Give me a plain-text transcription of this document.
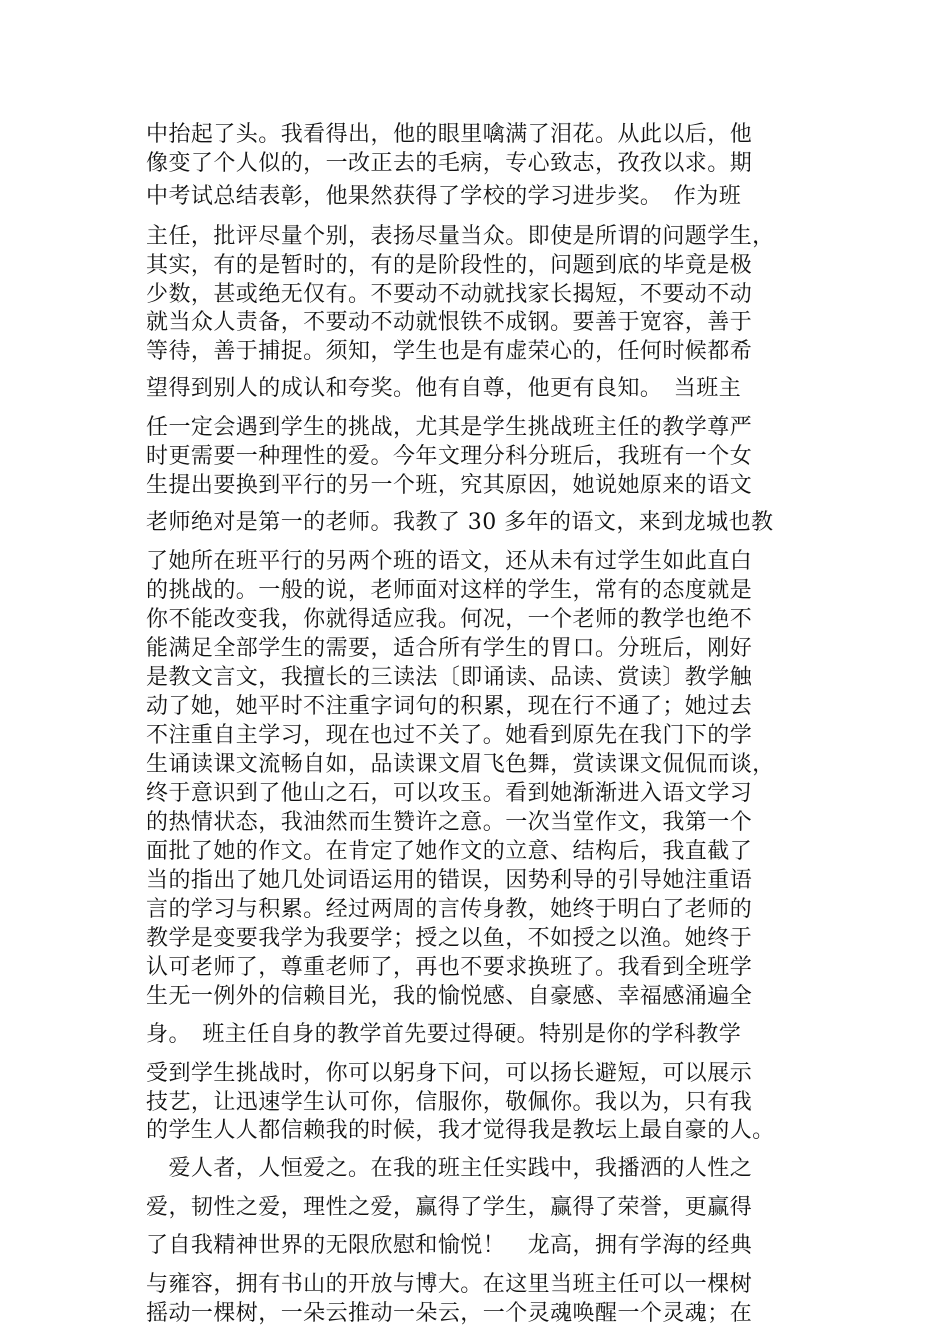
中抬起了头。我看得出，他的眼里噙满了泪花。从此以后，他
像变了个人似的，一改正去的毛病，专心致志，孜孜以求。期
中考试总结表彰，他果然获得了学校的学习进步奖。　作为班
主任，批评尽量个别，表扬尽量当众。即使是所谓的问题学生，
其实，有的是暂时的，有的是阶段性的，问题到底的毕竟是极
少数，甚或绝无仅有。不要动不动就找家长揭短，不要动不动
就当众人责备，不要动不动就恨铁不成钢。要善于宽容，善于
等待，善于捕捉。须知，学生也是有虚荣心的，任何时候都希
望得到别人的成认和夸奖。他有自尊，他更有良知。　当班主
任一定会遇到学生的挑战，尤其是学生挑战班主任的教学尊严
时更需要一种理性的爱。今年文理分科分班后，我班有一个女
生提出要换到平行的另一个班，究其原因，她说她原来的语文
老师绝对是第一的老师。我教了 30 多年的语文，来到龙城也教
了她所在班平行的另两个班的语文，还从未有过学生如此直白
的挑战的。一般的说，老师面对这样的学生，常有的态度就是
你不能改变我，你就得适应我。何况，一个老师的教学也绝不
能满足全部学生的需要，适合所有学生的胃口。分班后，刚好
是教文言文，我擅长的三读法〔即诵读、品读、赏读〕教学触
动了她，她平时不注重字词句的积累，现在行不通了；她过去
不注重自主学习，现在也过不关了。她看到原先在我门下的学
生诵读课文流畅自如，品读课文眉飞色舞，赏读课文侃侃而谈，
终于意识到了他山之石，可以攻玉。看到她渐渐进入语文学习
的热情状态，我油然而生赞许之意。一次当堂作文，我第一个
面批了她的作文。在肯定了她作文的立意、结构后，我直截了
当的指出了她几处词语运用的错误，因势利导的引导她注重语
言的学习与积累。经过两周的言传身教，她终于明白了老师的
教学是变要我学为我要学；授之以鱼，不如授之以渔。她终于
认可老师了，尊重老师了，再也不要求换班了。我看到全班学
生无一例外的信赖目光，我的愉悦感、自豪感、幸福感涌遍全
身。　班主任自身的教学首先要过得硬。特别是你的学科教学
受到学生挑战时，你可以躬身下问，可以扬长避短，可以展示
技艺，让迅速学生认可你，信服你，敬佩你。我以为，只有我
的学生人人都信赖我的时候，我才觉得我是教坛上最自豪的人。
　爱人者，人恒爱之。在我的班主任实践中，我播洒的人性之
爱，韧性之爱，理性之爱，赢得了学生，赢得了荣誉，更赢得
了自我精神世界的无限欣慰和愉悦！　龙高，拥有学海的经典
与雍容，拥有书山的开放与博大。在这里当班主任可以一棵树
摇动一棵树，一朵云推动一朵云，一个灵魂唤醒一个灵魂；在
